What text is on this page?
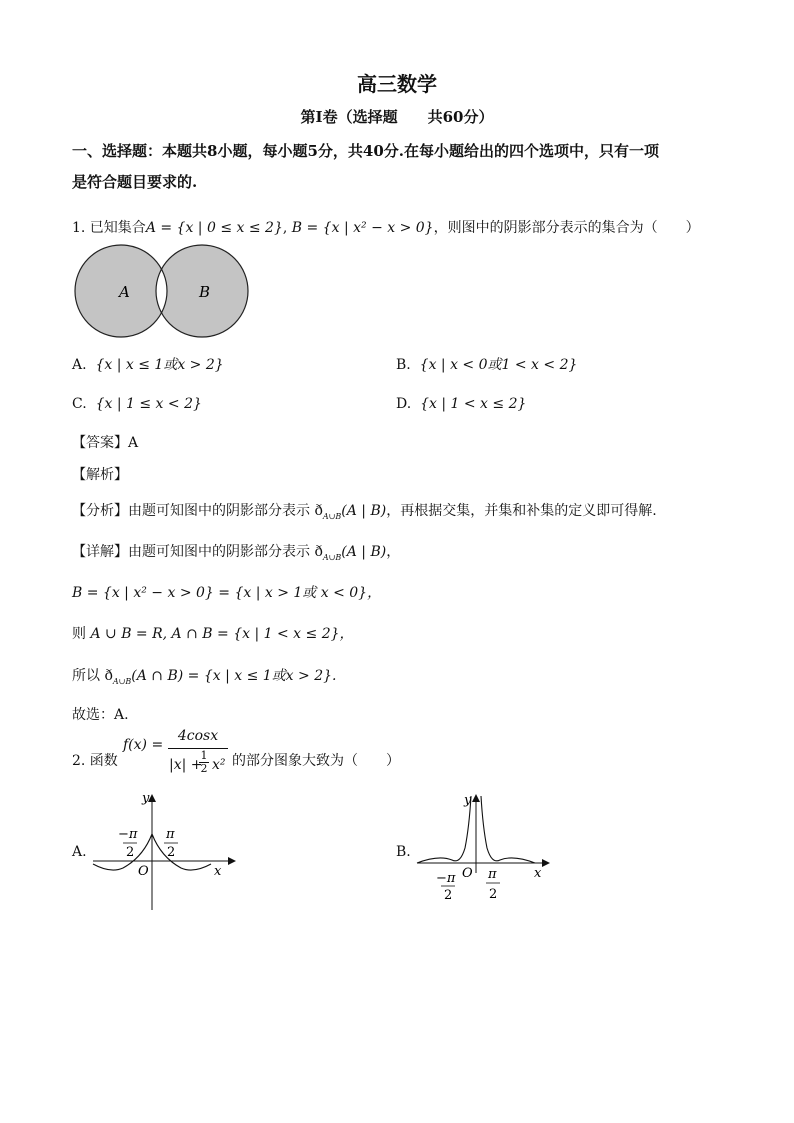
高三数学
第Ⅰ卷（选择题　　共60分）
一、选择题：本题共8小题，每小题5分，共40分.在每小题给出的四个选项中，只有一项
是符合题目要求的.
1. 已知集合A = {x | 0 ≤ x ≤ 2}, B = {x | x² − x > 0}，则图中的阴影部分表示的集合为（　　）
A	B
A. {x | x ≤ 1或x > 2}	B. {x | x < 0或1 < x < 2}
C. {x | 1 ≤ x < 2}	D. {x | 1 < x ≤ 2}
【答案】A
【解析】
【分析】由题可知图中的阴影部分表示 $ð_{A\cup B}(A$ | B)，再根据交集，并集和补集的定义即可得解.
【详解】由题可知图中的阴影部分表示 $ð_{A\cup B}(A$ | B)，
B = {x | x² − x > 0} = {x | x > 1或 x < 0}，
则 A ∪ B = R, A ∩ B = {x | 1 < x ≤ 2}，
所以 $ð_{A\cup B}(A$ ∩ B) = {x | x ≤ 1或x > 2}.
故选：A.
2. 函数
f(x) =
4cosx
|x| +
1
2 x² 的部分图象大致为（　　）
A.
y
x
O
−π
2
π
2	B.
y
x
O
−π
2
π
2
